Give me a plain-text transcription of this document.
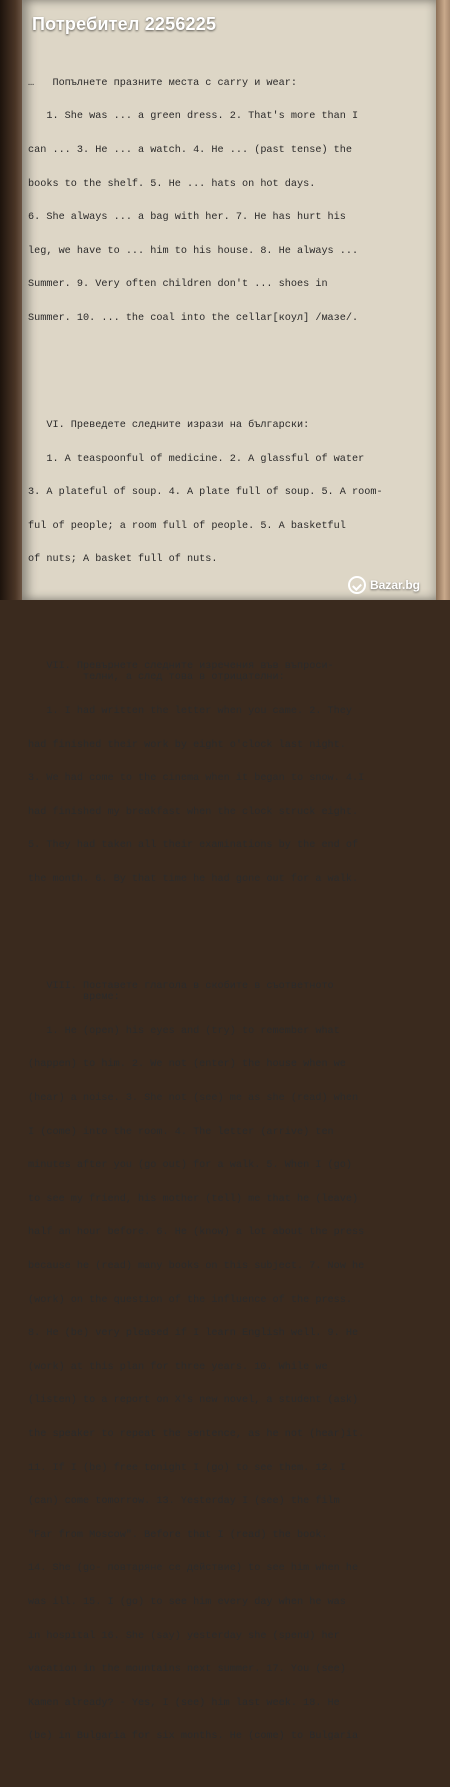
Потребител 2256225

…   Попълнете празните места с carry и wear:

1. She was ... a green dress. 2. That's more than I

can ... 3. He ... a watch. 4. He ... (past tense) the

books to the shelf. 5. He ... hats on hot days.

6. She always ... a bag with her. 7. He has hurt his

leg, we have to ... him to his house. 8. He always ...

Summer. 9. Very often children don't ... shoes in

Summer. 10. ... the coal into the cellar[коул] /мазе/.

VI. Преведете следните изрази на български:

1. A teaspoonful of medicine. 2. A glassful of water

3. A plateful of soup. 4. A plate full of soup. 5. A room-

ful of people; a room full of people. 5. A basketful

of nuts; A basket full of nuts.

VII. Превърнете следните изречения във въпроси-
телни, а след това в отрицателни:

1. I had written the letter when you came. 2. They

had finished their work by eight o'clock last night.

3. We had come to the cinema when it began to snow. 4.I

had finished my breakfast when the clock struck eight.

5. They had taken all their examinations by the end of

the month. 6. By that time he had gone out for a walk.

VIII. Поставете глагола в скобите в съответното
време:

1. He (open) his eyes and (try) to remember what

(happen) to him. 2. We not (enter) the house when we

(hear) a noise. 3. She not (see) me as she (read) when

I (come) into the room. 4. The letter (arrive) ten

minutes after you (go out) for a walk. 5. When I (go)

to see my friend, his mother (tell) me that he (leave)

half an hour before. 6. He (know) a lot about the press

because he (read) many books on this subject. 7. Now he

(work) on the question of the influence of the press.

8. He (be) very pleased if I learn English well. 9. He

(work) at this plan for three years. 10. While we

(listen) to a report on X's new novel, a student (ask)

the speaker to repeat the sentence, as he not (hear)it.

11. If I (be) free tonight I (go) to see them. 12. I

(can) come tomorrow. 13. Yesterday I (see) the film

"Far from Moscow". Before that I (read) the book.

14. She (go- повтаряне се действие) to see him when he

was ill. 15. I (go) to see him every day when he was

in hospital 16. She (say) yesterday she (spend) her

vacation in the mountains next summer. 17. You (see)

Kamen already? - Yes, I (see) him last week. 18. He

(be) in Bulgaria for six months. He (come) to Bulgaria

Bazar.bg
